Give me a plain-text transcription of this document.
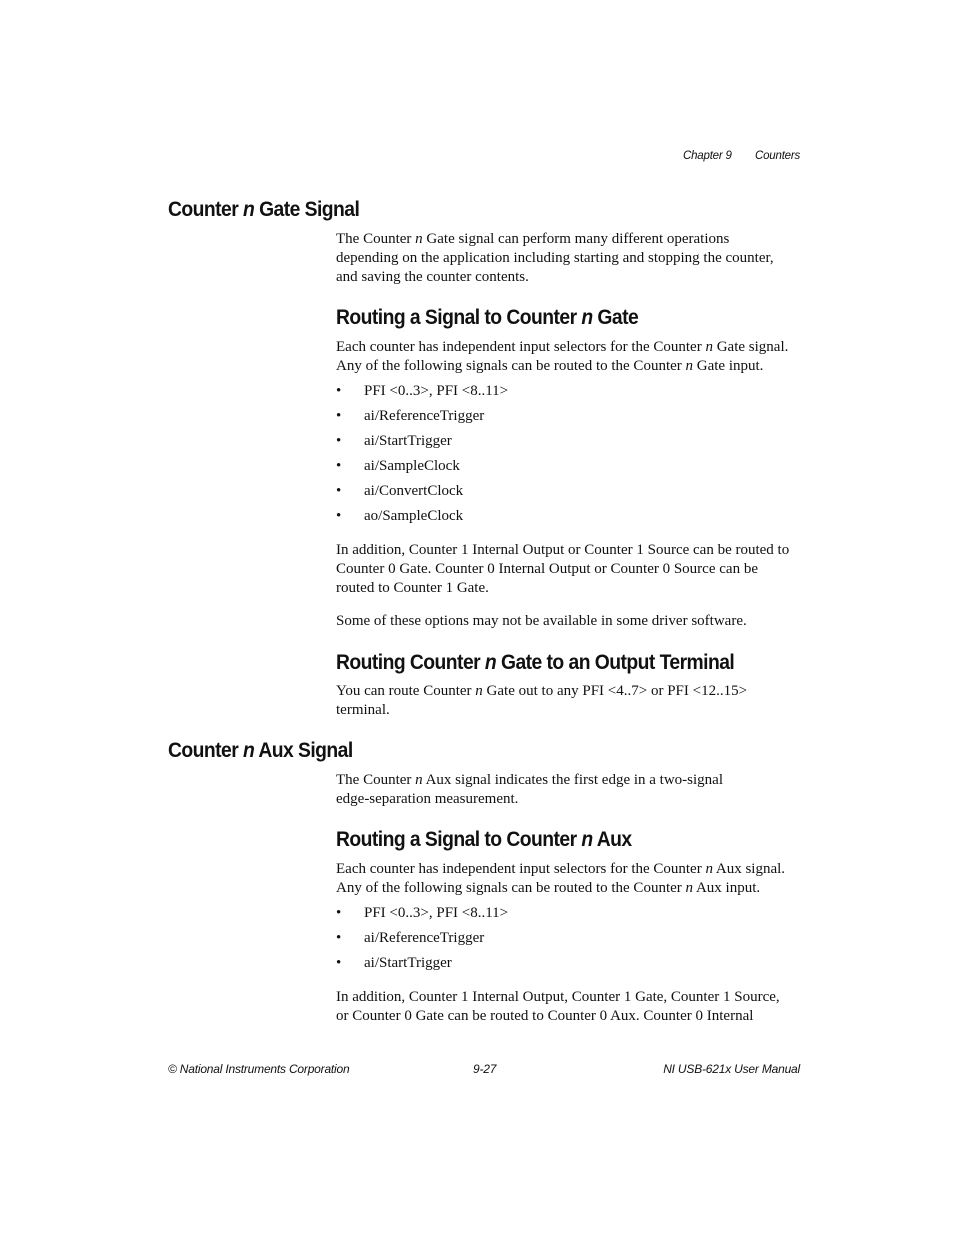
Chapter 9 Counters
Counter n Gate Signal
The Counter n Gate signal can perform many different operations
depending on the application including starting and stopping the counter,
and saving the counter contents.
Routing a Signal to Counter n Gate
Each counter has independent input selectors for the Counter n Gate signal.
Any of the following signals can be routed to the Counter n Gate input.
• PFI <0..3>, PFI <8..11>
• ai/ReferenceTrigger
• ai/StartTrigger
• ai/SampleClock
• ai/ConvertClock
• ao/SampleClock
In addition, Counter 1 Internal Output or Counter 1 Source can be routed to
Counter 0 Gate. Counter 0 Internal Output or Counter 0 Source can be
routed to Counter 1 Gate.
Some of these options may not be available in some driver software.
Routing Counter n Gate to an Output Terminal
You can route Counter n Gate out to any PFI <4..7> or PFI <12..15>
terminal.
Counter n Aux Signal
The Counter n Aux signal indicates the first edge in a two-signal
edge-separation measurement.
Routing a Signal to Counter n Aux
Each counter has independent input selectors for the Counter n Aux signal.
Any of the following signals can be routed to the Counter n Aux input.
• PFI <0..3>, PFI <8..11>
• ai/ReferenceTrigger
• ai/StartTrigger
In addition, Counter 1 Internal Output, Counter 1 Gate, Counter 1 Source,
or Counter 0 Gate can be routed to Counter 0 Aux. Counter 0 Internal
© National Instruments Corporation	9-27	NI USB-621x User Manual
